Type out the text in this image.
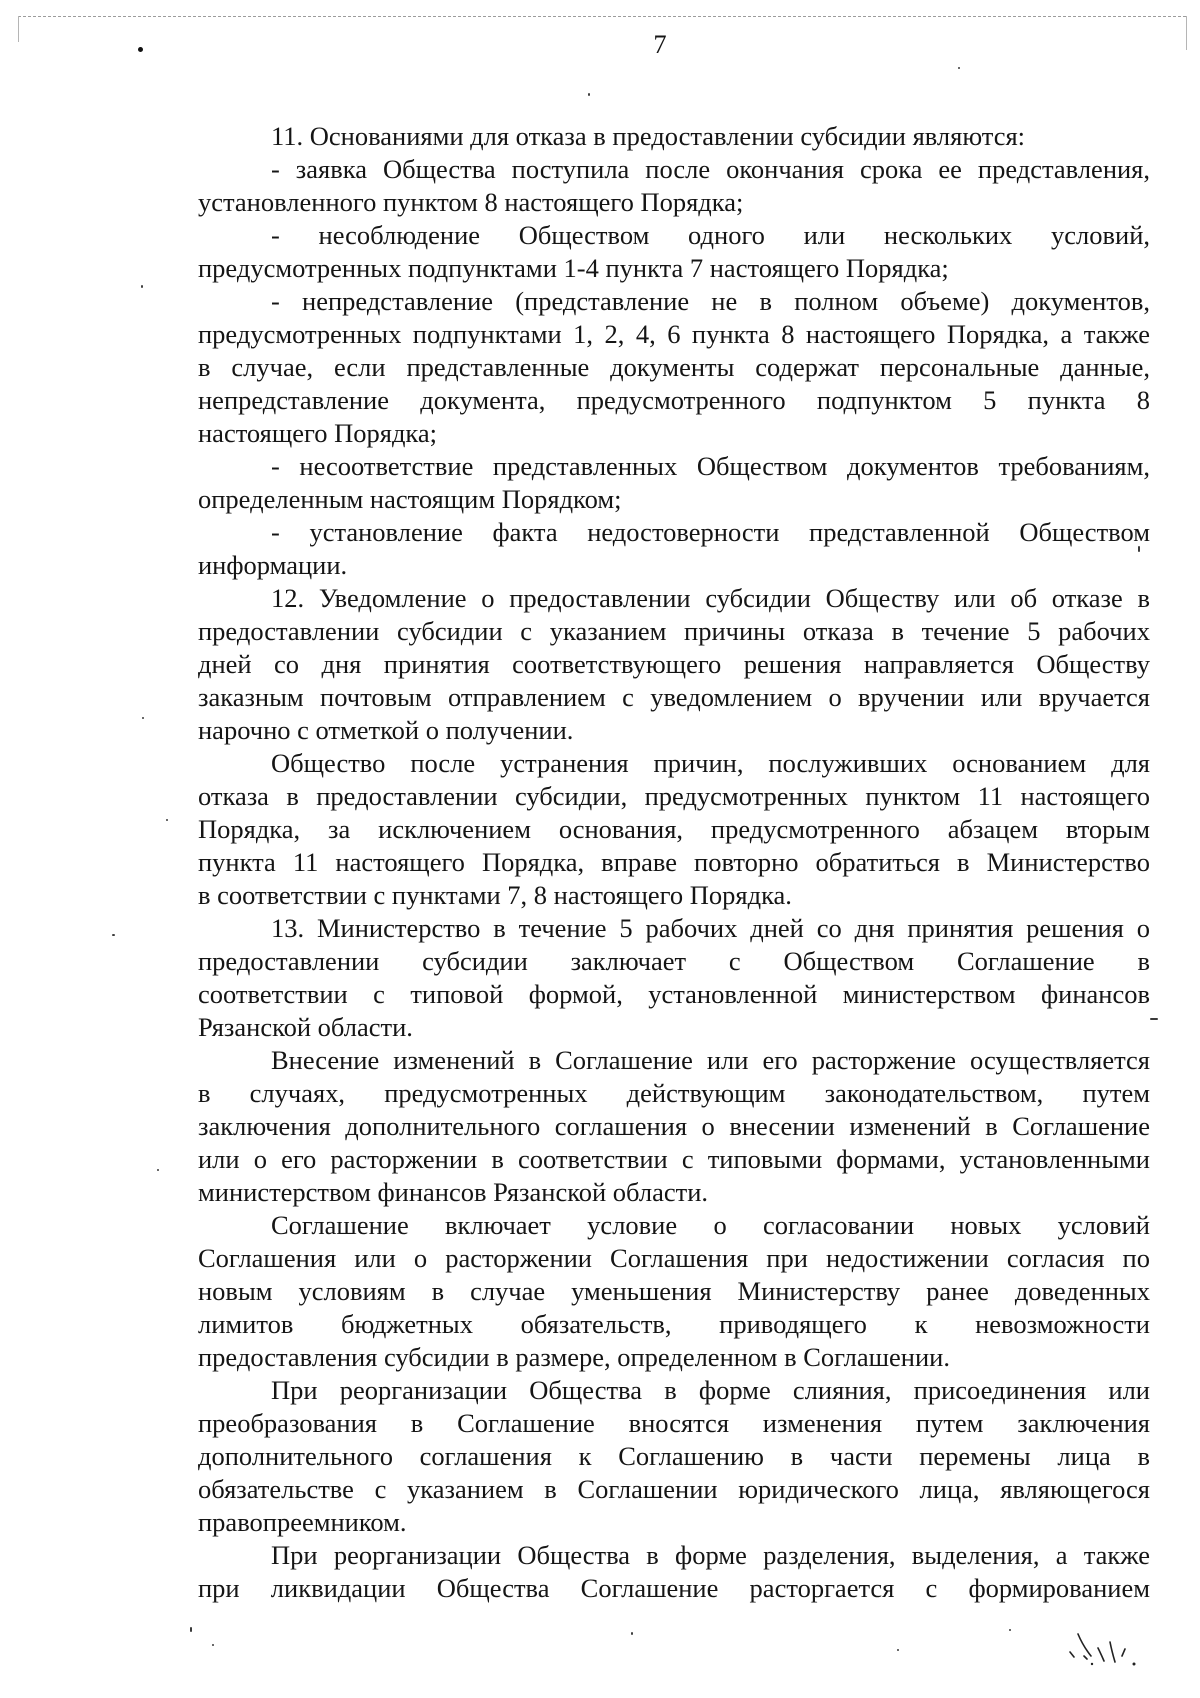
7
11. Основаниями для отказа в предоставлении субсидии являются:
- заявка Общества поступила после окончания срока ее представления,
установленного пунктом 8 настоящего Порядка;
- несоблюдение Обществом одного или нескольких условий,
предусмотренных подпунктами 1-4 пункта 7 настоящего Порядка;
- непредставление (представление не в полном объеме) документов,
предусмотренных подпунктами 1, 2, 4, 6 пункта 8 настоящего Порядка, а также
в случае, если представленные документы содержат персональные данные,
непредставление документа, предусмотренного подпунктом 5 пункта 8
настоящего Порядка;
- несоответствие представленных Обществом документов требованиям,
определенным настоящим Порядком;
- установление факта недостоверности представленной Обществом
информации.
12. Уведомление о предоставлении субсидии Обществу или об отказе в
предоставлении субсидии с указанием причины отказа в течение 5 рабочих
дней со дня принятия соответствующего решения направляется Обществу
заказным почтовым отправлением с уведомлением о вручении или вручается
нарочно с отметкой о получении.
Общество после устранения причин, послуживших основанием для
отказа в предоставлении субсидии, предусмотренных пунктом 11 настоящего
Порядка, за исключением основания, предусмотренного абзацем вторым
пункта 11 настоящего Порядка, вправе повторно обратиться в Министерство
в соответствии с пунктами 7, 8 настоящего Порядка.
13. Министерство в течение 5 рабочих дней со дня принятия решения о
предоставлении субсидии заключает с Обществом Соглашение в
соответствии с типовой формой, установленной министерством финансов
Рязанской области.
Внесение изменений в Соглашение или его расторжение осуществляется
в случаях, предусмотренных действующим законодательством, путем
заключения дополнительного соглашения о внесении изменений в Соглашение
или о его расторжении в соответствии с типовыми формами, установленными
министерством финансов Рязанской области.
Соглашение включает условие о согласовании новых условий
Соглашения или о расторжении Соглашения при недостижении согласия по
новым условиям в случае уменьшения Министерству ранее доведенных
лимитов бюджетных обязательств, приводящего к невозможности
предоставления субсидии в размере, определенном в Соглашении.
При реорганизации Общества в форме слияния, присоединения или
преобразования в Соглашение вносятся изменения путем заключения
дополнительного соглашения к Соглашению в части перемены лица в
обязательстве с указанием в Соглашении юридического лица, являющегося
правопреемником.
При реорганизации Общества в форме разделения, выделения, а также
при ликвидации Общества Соглашение расторгается с формированием
